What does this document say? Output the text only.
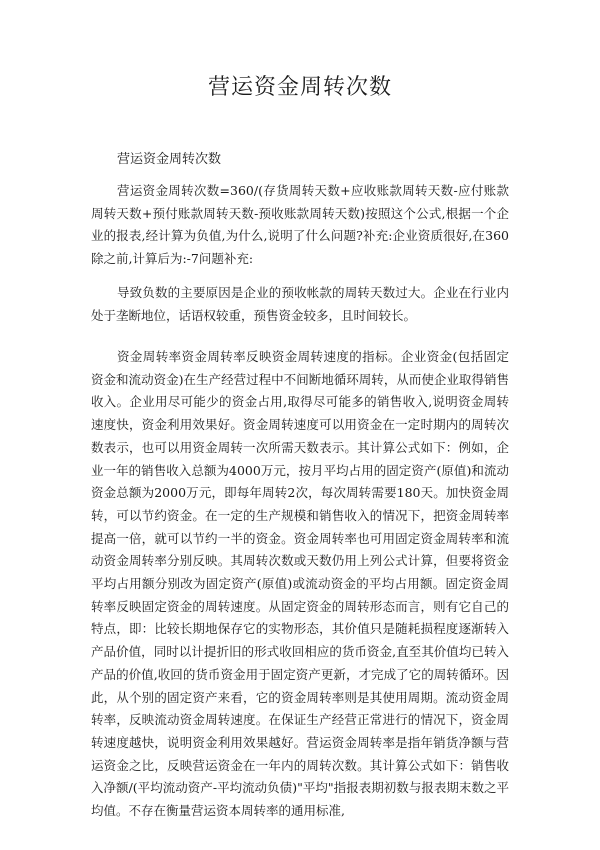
营运资金周转次数
营运资金周转次数

营运资金周转次数=360/(存货周转天数+应收账款周转天数-应付账款周转天数+预付账款周转天数-预收账款周转天数)按照这个公式,根据一个企业的报表,经计算为负值,为什么,说明了什么问题?补充:企业资质很好,在360除之前,计算后为:-7问题补充:

导致负数的主要原因是企业的预收帐款的周转天数过大。企业在行业内处于垄断地位，话语权较重，预售资金较多，且时间较长。

资金周转率资金周转率反映资金周转速度的指标。企业资金(包括固定资金和流动资金)在生产经营过程中不间断地循环周转，从而使企业取得销售收入。企业用尽可能少的资金占用,取得尽可能多的销售收入,说明资金周转速度快，资金利用效果好。资金周转速度可以用资金在一定时期内的周转次数表示，也可以用资金周转一次所需天数表示。其计算公式如下：例如，企业一年的销售收入总额为4000万元，按月平均占用的固定资产(原值)和流动资金总额为2000万元，即每年周转2次，每次周转需要180天。加快资金周转，可以节约资金。在一定的生产规模和销售收入的情况下，把资金周转率提高一倍，就可以节约一半的资金。资金周转率也可用固定资金周转率和流动资金周转率分别反映。其周转次数或天数仍用上列公式计算，但要将资金平均占用额分别改为固定资产(原值)或流动资金的平均占用额。固定资金周转率反映固定资金的周转速度。从固定资金的周转形态而言，则有它自己的特点，即：比较长期地保存它的实物形态，其价值只是随耗损程度逐渐转入产品价值，同时以计提折旧的形式收回相应的货币资金,直至其价值均已转入产品的价值,收回的货币资金用于固定资产更新，才完成了它的周转循环。因此，从个别的固定资产来看，它的资金周转率则是其使用周期。流动资金周转率，反映流动资金周转速度。在保证生产经营正常进行的情况下，资金周转速度越快，说明资金利用效果越好。营运资金周转率是指年销货净额与营运资金之比，反映营运资金在一年内的周转次数。其计算公式如下：销售收入净额/(平均流动资产-平均流动负债)"平均"指报表期初数与报表期末数之平均值。不存在衡量营运资本周转率的通用标准,
